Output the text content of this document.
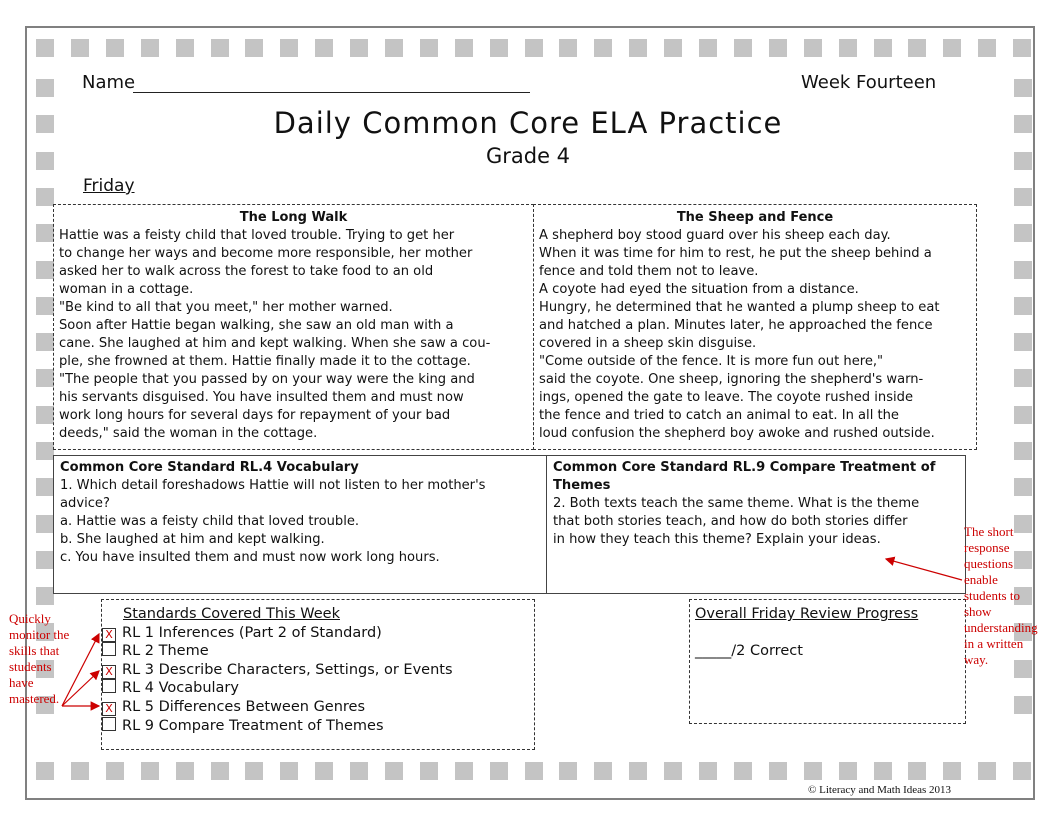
Name	Week Fourteen
Daily Common Core ELA Practice
Grade 4
Friday
The Long Walk

Hattie was a feisty child that loved trouble. Trying to get her

to change her ways and become more responsible, her mother

asked her to walk across the forest to take food to an old

woman in a cottage.

"Be kind to all that you meet," her mother warned.

Soon after Hattie began walking, she saw an old man with a

cane. She laughed at him and kept walking. When she saw a cou-

ple, she frowned at them. Hattie finally made it to the cottage.

"The people that you passed by on your way were the king and

his servants disguised. You have insulted them and must now

work long hours for several days for repayment of your bad

deeds," said the woman in the cottage.

The Sheep and Fence

A shepherd boy stood guard over his sheep each day.

When it was time for him to rest, he put the sheep behind a

fence and told them not to leave.

A coyote had eyed the situation from a distance.

Hungry, he determined that he wanted a plump sheep to eat

and hatched a plan. Minutes later, he approached the fence

covered in a sheep skin disguise.

"Come outside of the fence. It is more fun out here,"

said the coyote. One sheep, ignoring the shepherd's warn-

ings, opened the gate to leave. The coyote rushed inside

the fence and tried to catch an animal to eat. In all the

loud confusion the shepherd boy awoke and rushed outside.

Common Core Standard RL.4 Vocabulary

1. Which detail foreshadows Hattie will not listen to her mother's

advice?

a. Hattie was a feisty child that loved trouble.

b. She laughed at him and kept walking.

c. You have insulted them and must now work long hours.

Common Core Standard RL.9 Compare Treatment of

Themes

2. Both texts teach the same theme. What is the theme

that both stories teach, and how do both stories differ

in how they teach this theme? Explain your ideas.

Standards Covered This Week
X RL 1 Inferences (Part 2 of Standard)
RL 2 Theme
X RL 3 Describe Characters, Settings, or Events
RL 4 Vocabulary
X RL 5 Differences Between Genres
RL 9 Compare Treatment of Themes
Overall Friday Review Progress
_____/2 Correct
Quickly
monitor the
skills that
students
have
mastered.
The short
response
questions
enable
students to
show
understanding
in a written
way.
© Literacy and Math Ideas 2013
